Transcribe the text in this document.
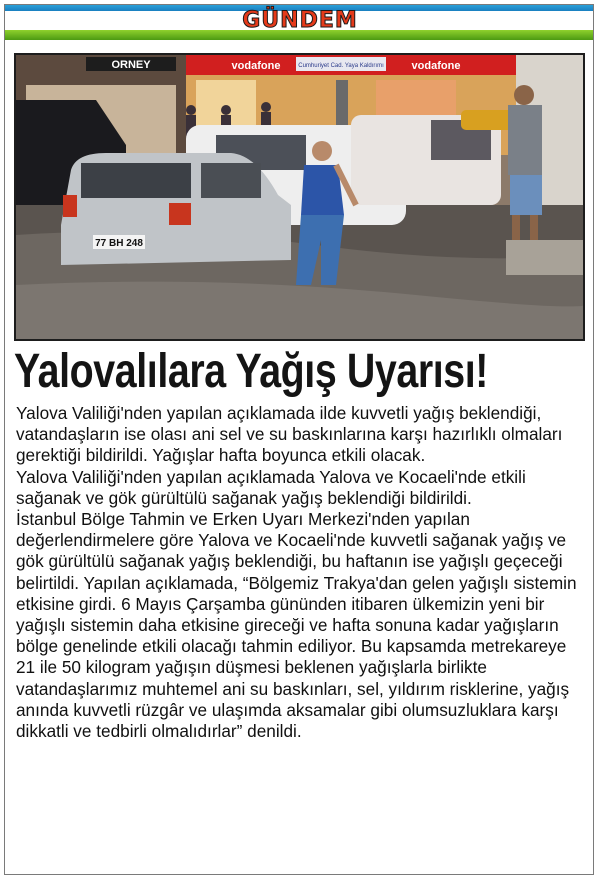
GÜNDEM
ORNEY	vodafone	vodafone
Cumhuriyet Cad. Yaya Kaldırımı
77 BH 248
Yalovalılara Yağış Uyarısı!

Yalova Valiliği'nden yapılan açıklamada ilde kuvvetli yağış beklendiği, vatandaşların ise olası ani sel ve su baskınlarına karşı hazırlıklı olmaları gerektiği bildirildi. Yağışlar hafta boyunca etkili olacak.

Yalova Valiliği'nden yapılan açıklamada Yalova ve Kocaeli'nde etkili sağanak ve gök gürültülü sağanak yağış beklendiği bildirildi.

İstanbul Bölge Tahmin ve Erken Uyarı Merkezi'nden yapılan değerlendirmelere göre Yalova ve Kocaeli'nde kuvvetli sağanak yağış ve gök gürültülü sağanak yağış beklendiği, bu haftanın ise yağışlı geçeceği belirtildi. Yapılan açıklamada, “Bölgemiz Trakya'dan gelen yağışlı sistemin etkisine girdi. 6 Mayıs Çarşamba gününden itibaren ülkemizin yeni bir yağışlı sistemin daha etkisine gireceği ve hafta sonuna kadar yağışların bölge genelinde etkili olacağı tahmin ediliyor. Bu kapsamda metrekareye 21 ile 50 kilogram yağışın düşmesi beklenen yağışlarla birlikte vatandaşlarımız muhtemel ani su baskınları, sel, yıldırım risklerine, yağış anında kuvvetli rüzgâr ve ulaşımda aksamalar gibi olumsuzluklara karşı dikkatli ve tedbirli olmalıdırlar” denildi.
